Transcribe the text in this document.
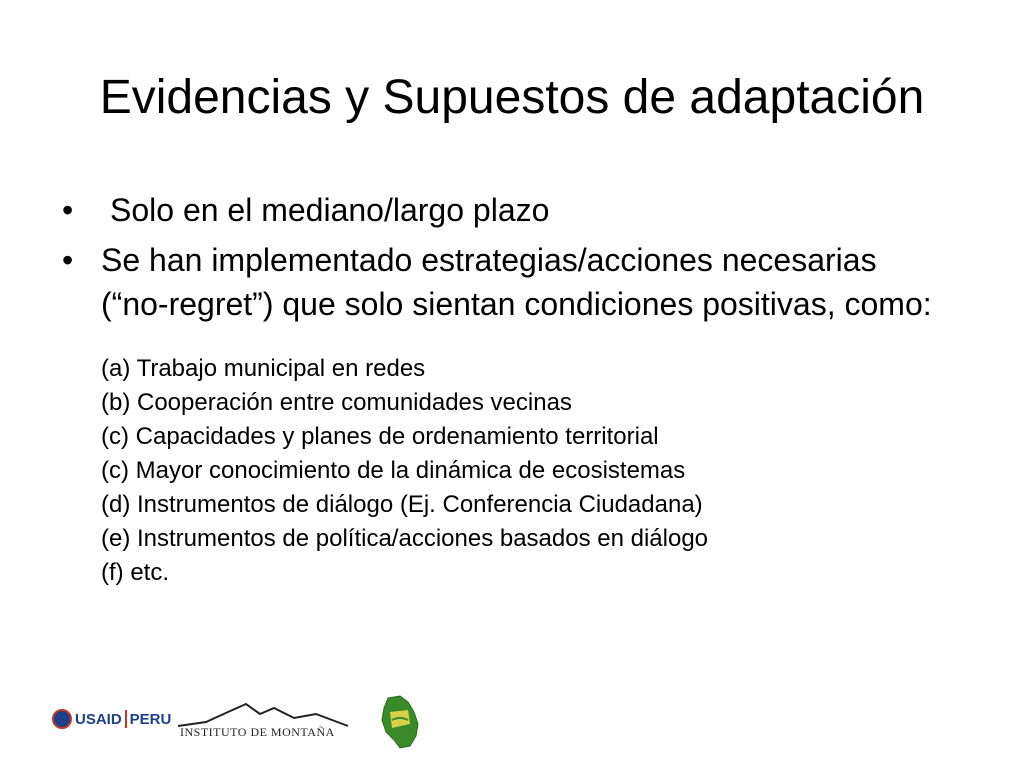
Evidencias y Supuestos de adaptación
• Solo en el mediano/largo plazo
• Se han implementado estrategias/acciones necesarias (“no-regret”) que solo sientan condiciones positivas, como:
(a) Trabajo municipal en redes
(b) Cooperación entre comunidades vecinas
(c) Capacidades y planes de ordenamiento territorial
(c) Mayor conocimiento de la dinámica de ecosistemas
(d) Instrumentos de diálogo (Ej. Conferencia Ciudadana)
(e) Instrumentos de política/acciones basados en diálogo
(f) etc.
USAID PERU
INSTITUTO DE MONTAÑA
